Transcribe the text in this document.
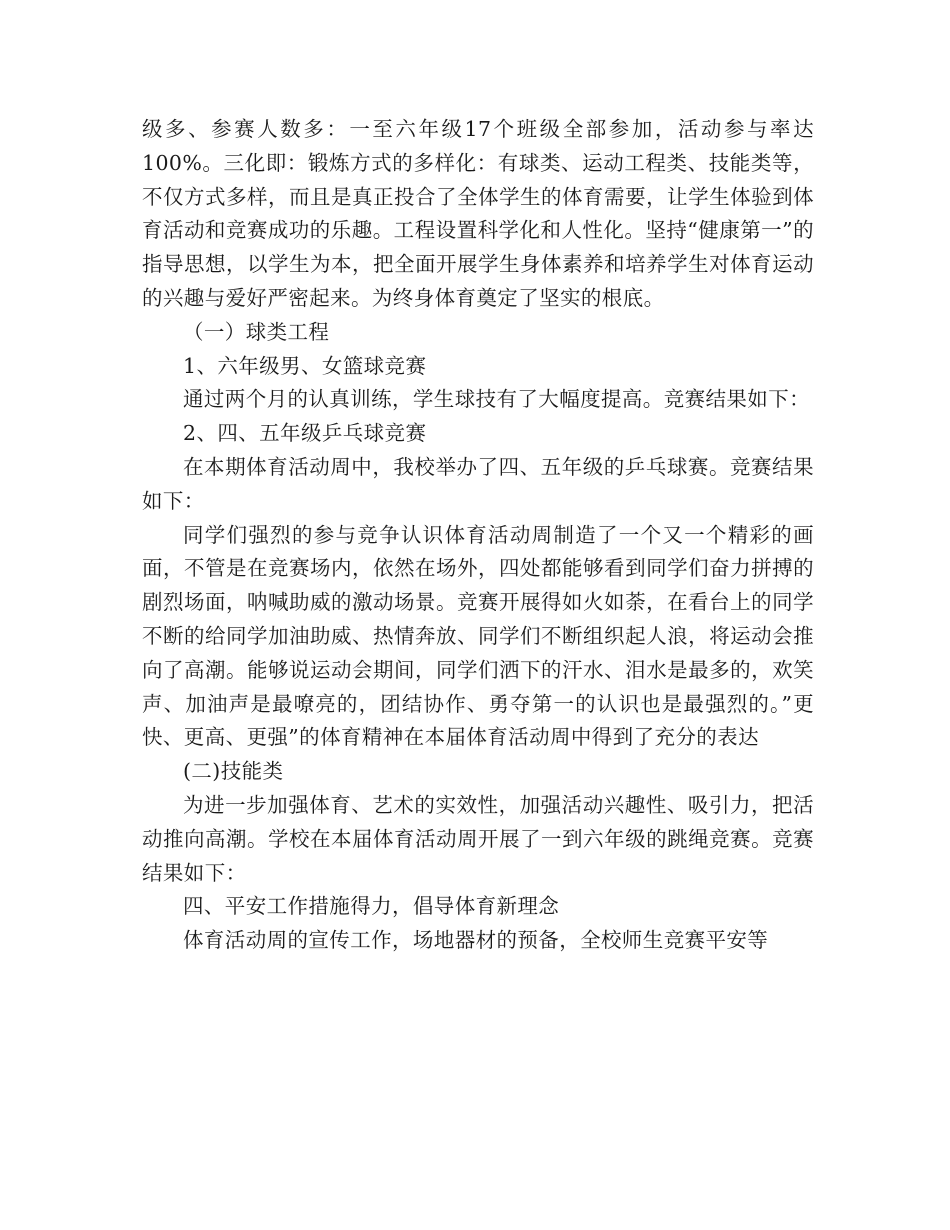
级多、参赛人数多：一至六年级17个班级全部参加，活动参与率达100%。三化即：锻炼方式的多样化：有球类、运动工程类、技能类等，不仅方式多样，而且是真正投合了全体学生的体育需要，让学生体验到体育活动和竞赛成功的乐趣。工程设置科学化和人性化。坚持“健康第一”的指导思想，以学生为本，把全面开展学生身体素养和培养学生对体育运动的兴趣与爱好严密起来。为终身体育奠定了坚实的根底。

（一）球类工程

1、六年级男、女篮球竞赛

通过两个月的认真训练，学生球技有了大幅度提高。竞赛结果如下：

2、四、五年级乒乓球竞赛

在本期体育活动周中，我校举办了四、五年级的乒乓球赛。竞赛结果如下：

同学们强烈的参与竞争认识体育活动周制造了一个又一个精彩的画面，不管是在竞赛场内，依然在场外，四处都能够看到同学们奋力拼搏的剧烈场面，呐喊助威的激动场景。竞赛开展得如火如荼，在看台上的同学不断的给同学加油助威、热情奔放、同学们不断组织起人浪，将运动会推向了高潮。能够说运动会期间，同学们洒下的汗水、泪水是最多的，欢笑声、加油声是最嘹亮的，团结协作、勇夺第一的认识也是最强烈的。”更快、更高、更强”的体育精神在本届体育活动周中得到了充分的表达

(二)技能类

为进一步加强体育、艺术的实效性，加强活动兴趣性、吸引力，把活动推向高潮。学校在本届体育活动周开展了一到六年级的跳绳竞赛。竞赛结果如下：

四、平安工作措施得力，倡导体育新理念

体育活动周的宣传工作，场地器材的预备，全校师生竞赛平安等
